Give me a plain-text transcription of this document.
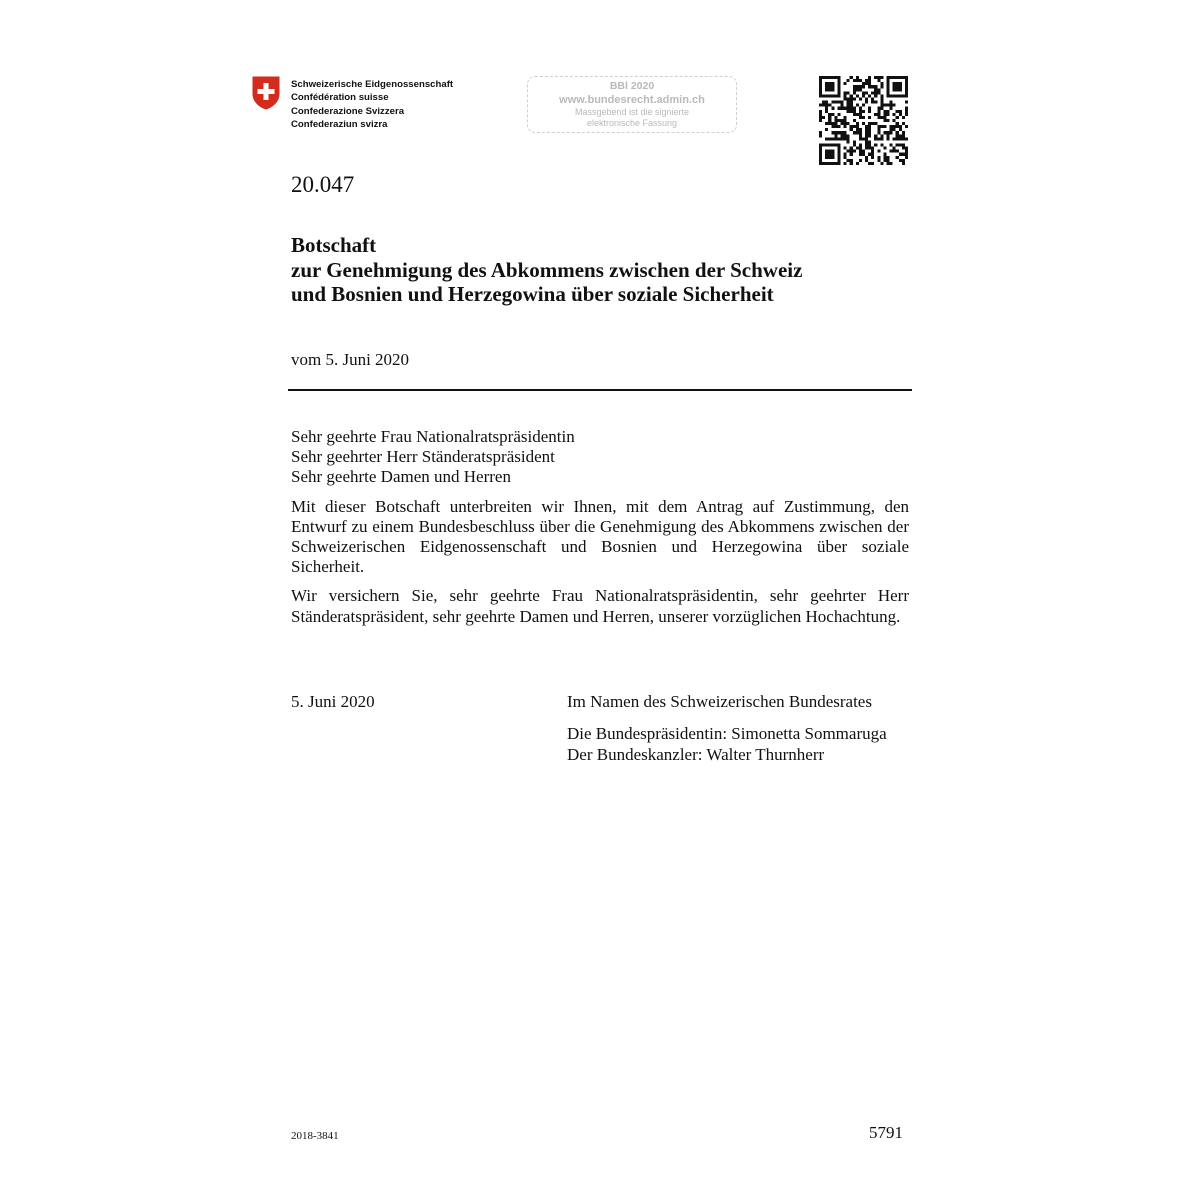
Schweizerische Eidgenossenschaft
Confédération suisse
Confederazione Svizzera
Confederaziun svizra
BBl 2020
www.bundesrecht.admin.ch
Massgebend ist die signierte
elektronische Fassung
20.047
Botschaft
zur Genehmigung des Abkommens zwischen der Schweiz
und Bosnien und Herzegowina über soziale Sicherheit
vom 5. Juni 2020
Sehr geehrte Frau Nationalratspräsidentin
Sehr geehrter Herr Ständeratspräsident
Sehr geehrte Damen und Herren

Mit dieser Botschaft unterbreiten wir Ihnen, mit dem Antrag auf Zustimmung, den Entwurf zu einem Bundesbeschluss über die Genehmigung des Abkommens zwischen der Schweizerischen Eidgenossenschaft und Bosnien und Herzegowina über soziale Sicherheit.

Wir versichern Sie, sehr geehrte Frau Nationalratspräsidentin, sehr geehrter Herr Ständeratspräsident, sehr geehrte Damen und Herren, unserer vorzüglichen Hochachtung.

5. Juni 2020	Im Namen des Schweizerischen Bundesrates
Die Bundespräsidentin: Simonetta Sommaruga
Der Bundeskanzler: Walter Thurnherr
2018-3841	5791
